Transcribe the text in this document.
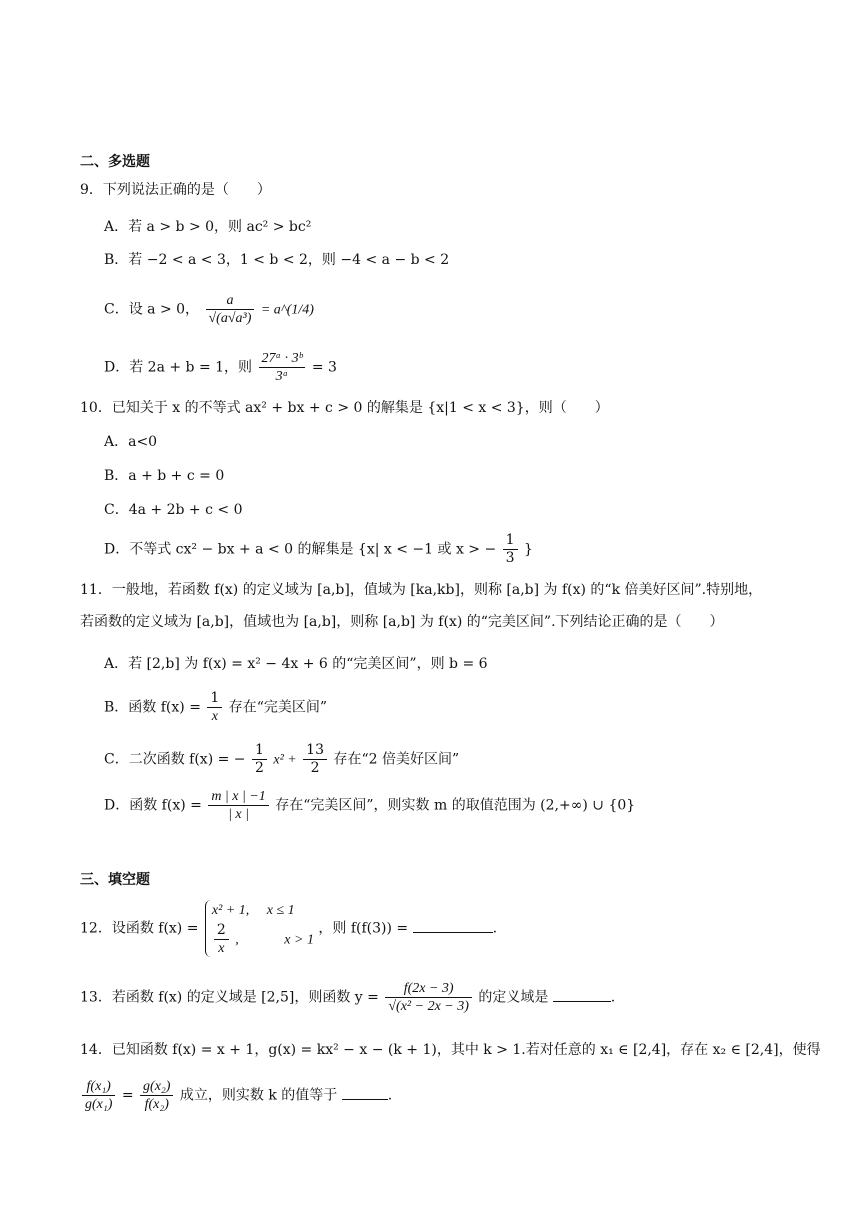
二、多选题
9．下列说法正确的是（　　）
A．若 a > b > 0，则 ac² > bc²
B．若 −2 < a < 3，1 < b < 2，则 −4 < a − b < 2
C．设 a > 0， $\frac{a}{\text{√(a√a³)}}$ = a^(1/4)
D．若 2a + b = 1，则 $\frac{\text{27ᵃ · 3ᵇ}}{\text{3ᵃ}} = 3$
10．已知关于 x 的不等式 ax² + bx + c > 0 的解集是 {x|1 < x < 3}，则（　　）
A．a<0
B．a + b + c = 0
C．4a + 2b + c < 0
D．不等式 cx² − bx + a < 0 的解集是 {x| x < −1 或 x > − $\frac{1}{3}$ }
11．一般地，若函数 f(x) 的定义域为 [a,b]，值域为 [ka,kb]，则称 [a,b] 为 f(x) 的“k 倍美好区间”.特别地，
若函数的定义域为 [a,b]，值域也为 [a,b]，则称 [a,b] 为 f(x) 的“完美区间”.下列结论正确的是（　　）
A．若 [2,b] 为 f(x) = x² − 4x + 6 的“完美区间”，则 b = 6
B．函数 $f(x) = \frac{1}{x}$ 存在“完美区间”
C．二次函数 f(x) = − $\frac{1}{2} x^2 + \frac{13}{2}$ 存在“2 倍美好区间”
D．函数 $f(x) = \frac{m | x | -1}{| x |}$ 存在“完美区间”，则实数 m 的取值范围为 (2,+∞) ∪ {0}
三、填空题
12．设函数 f(x) =
x² + 1,　 x ≤ 1
$\frac{2}{x}$ ,　　　 x > 1
，则 f(f(3)) =	.
13．若函数 f(x) 的定义域是 [2,5]，则函数 $y = \frac{f(2x - 3)}{\text{√(x² − 2x − 3)}}$ 的定义域是	.
14．已知函数 f(x) = x + 1，g(x) = kx² − x − (k + 1)，其中 k > 1.若对任意的 x₁ ∈ [2,4]，存在 x₂ ∈ [2,4]，使得
$\frac{\text{f(x₁)}}{\text{g(x₁)}} = \frac{\text{g(x₂)}}{\text{f(x₂)}}$ 成立，则实数 k 的值等于	.
